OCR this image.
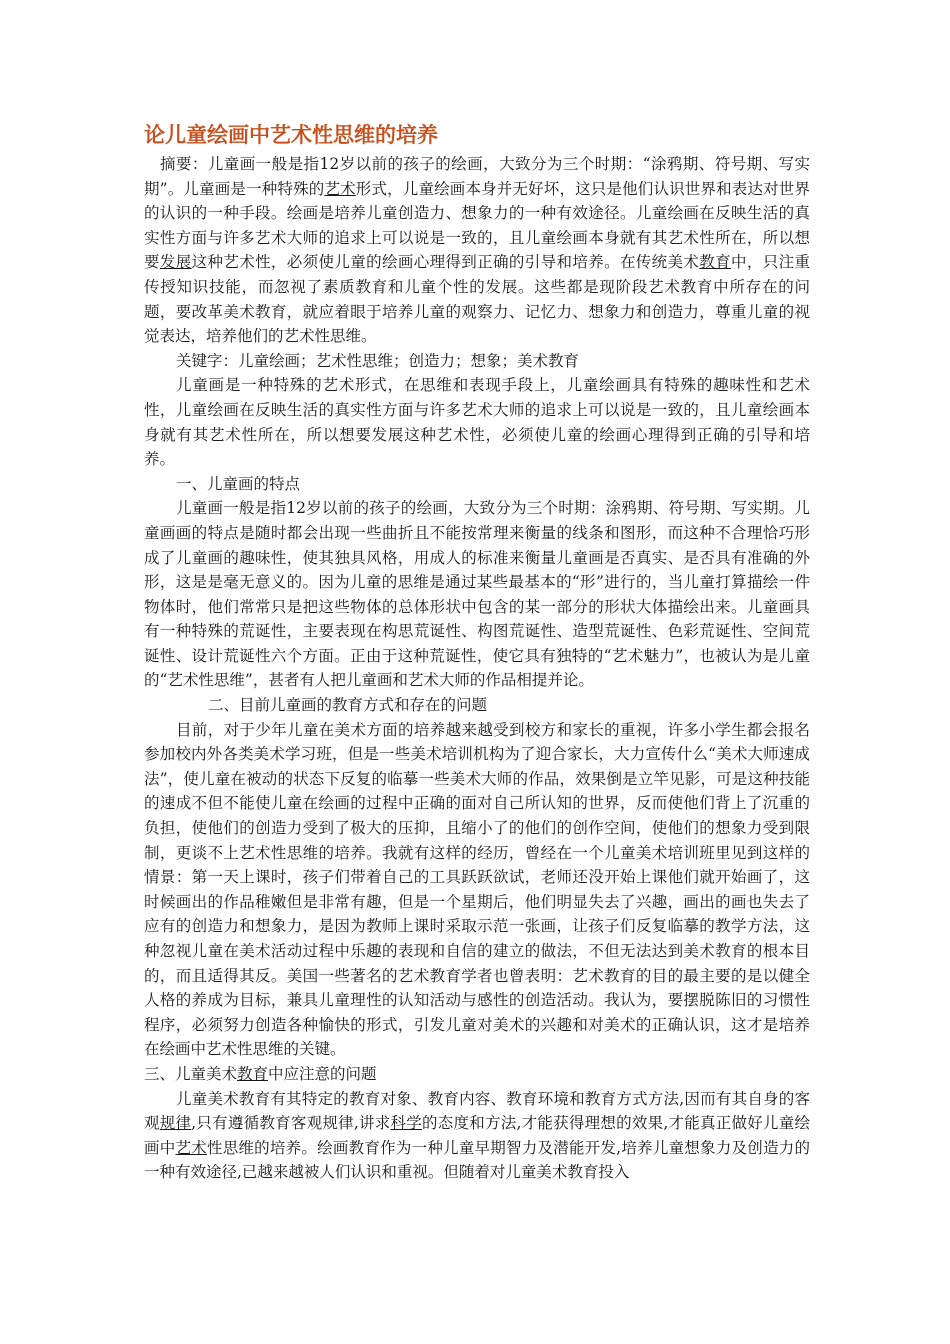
论儿童绘画中艺术性思维的培养

摘要：儿童画一般是指12岁以前的孩子的绘画，大致分为三个时期：“涂鸦期、符号期、写实期”。儿童画是一种特殊的艺术形式，儿童绘画本身并无好坏，这只是他们认识世界和表达对世界的认识的一种手段。绘画是培养儿童创造力、想象力的一种有效途径。儿童绘画在反映生活的真实性方面与许多艺术大师的追求上可以说是一致的，且儿童绘画本身就有其艺术性所在，所以想要发展这种艺术性，必须使儿童的绘画心理得到正确的引导和培养。在传统美术教育中，只注重传授知识技能，而忽视了素质教育和儿童个性的发展。这些都是现阶段艺术教育中所存在的问题，要改革美术教育，就应着眼于培养儿童的观察力、记忆力、想象力和创造力，尊重儿童的视觉表达，培养他们的艺术性思维。

关键字：儿童绘画；艺术性思维；创造力；想象；美术教育

儿童画是一种特殊的艺术形式，在思维和表现手段上，儿童绘画具有特殊的趣味性和艺术性，儿童绘画在反映生活的真实性方面与许多艺术大师的追求上可以说是一致的，且儿童绘画本身就有其艺术性所在，所以想要发展这种艺术性，必须使儿童的绘画心理得到正确的引导和培养。

一、儿童画的特点

儿童画一般是指12岁以前的孩子的绘画，大致分为三个时期：涂鸦期、符号期、写实期。儿童画画的特点是随时都会出现一些曲折且不能按常理来衡量的线条和图形，而这种不合理恰巧形成了儿童画的趣味性，使其独具风格，用成人的标准来衡量儿童画是否真实、是否具有准确的外形，这是是毫无意义的。因为儿童的思维是通过某些最基本的“形”进行的，当儿童打算描绘一件物体时，他们常常只是把这些物体的总体形状中包含的某一部分的形状大体描绘出来。儿童画具有一种特殊的荒诞性，主要表现在构思荒诞性、构图荒诞性、造型荒诞性、色彩荒诞性、空间荒诞性、设计荒诞性六个方面。正由于这种荒诞性，使它具有独特的“艺术魅力”，也被认为是儿童的“艺术性思维”，甚者有人把儿童画和艺术大师的作品相提并论。

二、目前儿童画的教育方式和存在的问题

目前，对于少年儿童在美术方面的培养越来越受到校方和家长的重视，许多小学生都会报名参加校内外各类美术学习班，但是一些美术培训机构为了迎合家长，大力宣传什么“美术大师速成法”，使儿童在被动的状态下反复的临摹一些美术大师的作品，效果倒是立竿见影，可是这种技能的速成不但不能使儿童在绘画的过程中正确的面对自己所认知的世界，反而使他们背上了沉重的负担，使他们的创造力受到了极大的压抑，且缩小了的他们的创作空间，使他们的想象力受到限制，更谈不上艺术性思维的培养。我就有这样的经历，曾经在一个儿童美术培训班里见到这样的情景：第一天上课时，孩子们带着自己的工具跃跃欲试，老师还没开始上课他们就开始画了，这时候画出的作品稚嫩但是非常有趣，但是一个星期后，他们明显失去了兴趣，画出的画也失去了应有的创造力和想象力，是因为教师上课时采取示范一张画，让孩子们反复临摹的教学方法，这种忽视儿童在美术活动过程中乐趣的表现和自信的建立的做法，不但无法达到美术教育的根本目的，而且适得其反。美国一些著名的艺术教育学者也曾表明：艺术教育的目的最主要的是以健全人格的养成为目标，兼具儿童理性的认知活动与感性的创造活动。我认为，要摆脱陈旧的习惯性程序，必须努力创造各种愉快的形式，引发儿童对美术的兴趣和对美术的正确认识，这才是培养在绘画中艺术性思维的关键。

三、儿童美术教育中应注意的问题

儿童美术教育有其特定的教育对象、教育内容、教育环境和教育方式方法,因而有其自身的客观规律,只有遵循教育客观规律,讲求科学的态度和方法,才能获得理想的效果,才能真正做好儿童绘画中艺术性思维的培养。绘画教育作为一种儿童早期智力及潜能开发,培养儿童想象力及创造力的一种有效途径,已越来越被人们认识和重视。但随着对儿童美术教育投入
